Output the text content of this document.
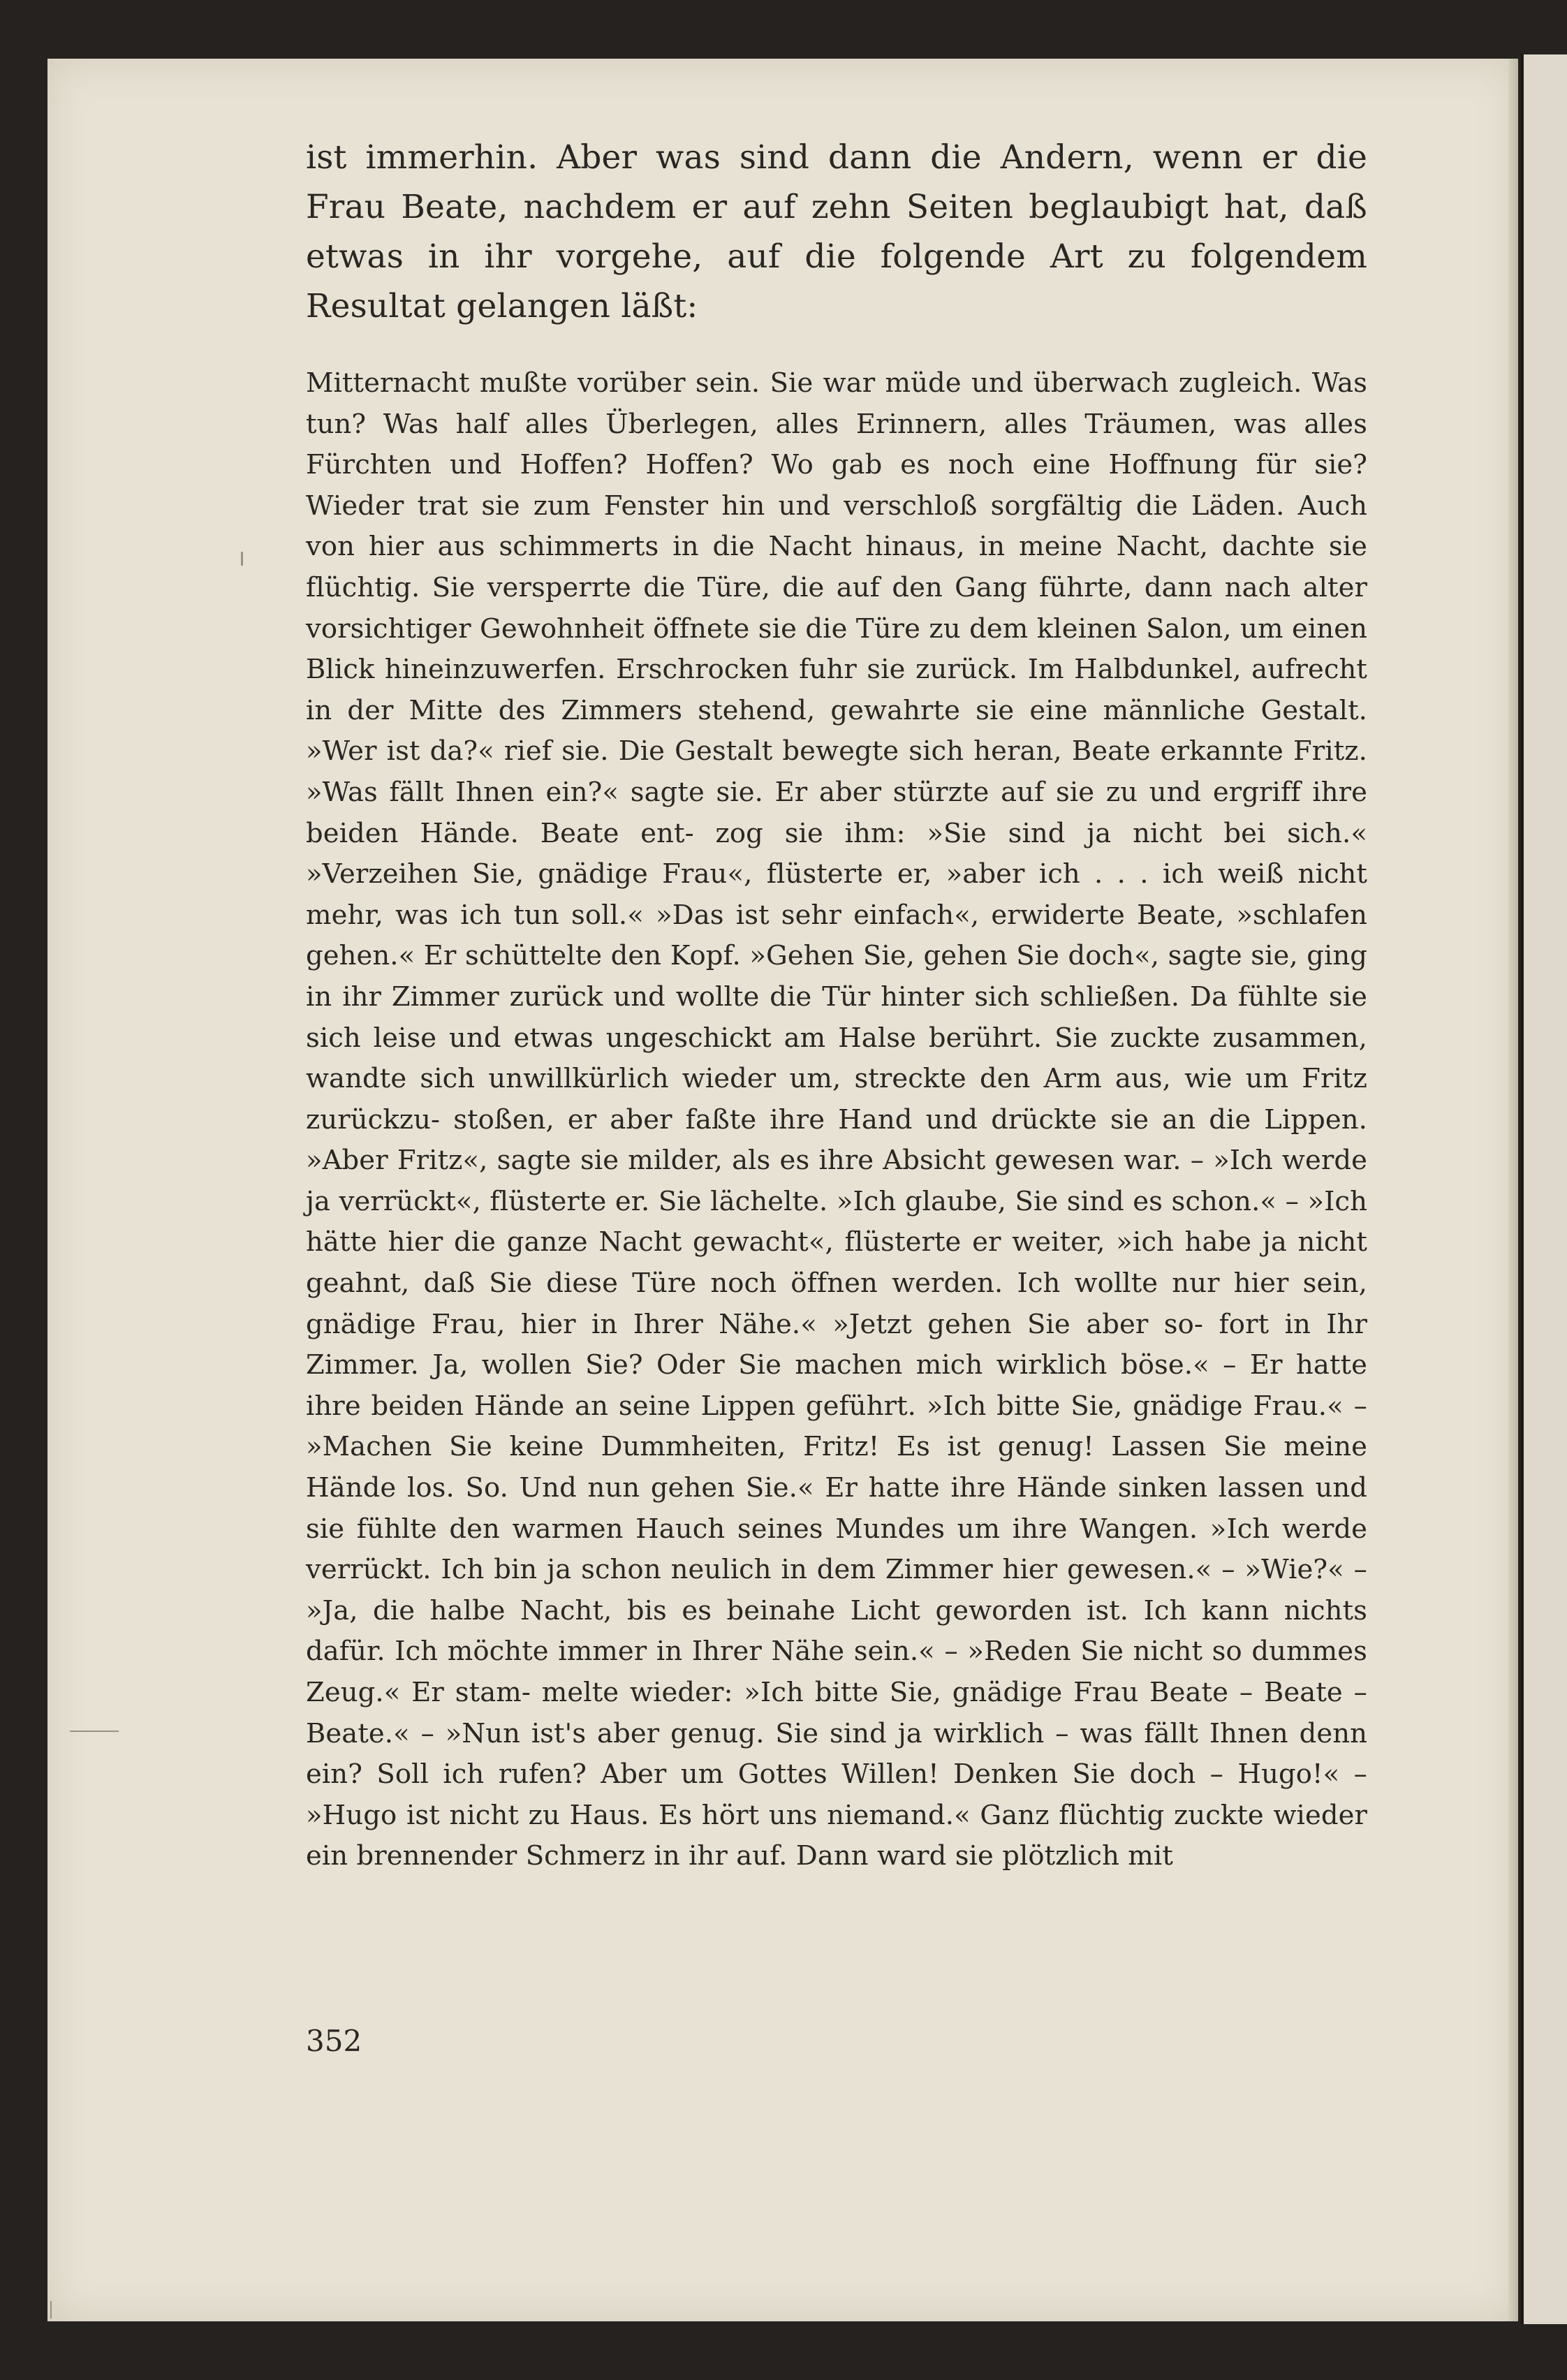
ist immerhin. Aber was sind dann die Andern, wenn er die Frau Beate, nachdem er auf zehn Seiten beglaubigt hat, daß etwas in ihr vorgehe, auf die folgende Art zu folgendem Resultat gelangen läßt:

Mitternacht mußte vorüber sein. Sie war müde und überwach zugleich. Was tun? Was half alles Überlegen, alles Erinnern, alles Träumen, was alles Fürchten und Hoffen? Hoffen? Wo gab es noch eine Hoffnung für sie? Wieder trat sie zum Fenster hin und verschloß sorgfältig die Läden. Auch von hier aus schimmerts in die Nacht hinaus, in meine Nacht, dachte sie flüchtig. Sie versperrte die Türe, die auf den Gang führte, dann nach alter vorsichtiger Gewohnheit öffnete sie die Türe zu dem kleinen Salon, um einen Blick hineinzuwerfen. Erschrocken fuhr sie zurück. Im Halbdunkel, aufrecht in der Mitte des Zimmers stehend, gewahrte sie eine männliche Gestalt. »Wer ist da?« rief sie. Die Gestalt bewegte sich heran, Beate erkannte Fritz. »Was fällt Ihnen ein?« sagte sie. Er aber stürzte auf sie zu und ergriff ihre beiden Hände. Beate ent- zog sie ihm: »Sie sind ja nicht bei sich.« »Verzeihen Sie, gnädige Frau«, flüsterte er, »aber ich . . . ich weiß nicht mehr, was ich tun soll.« »Das ist sehr einfach«, erwiderte Beate, »schlafen gehen.« Er schüttelte den Kopf. »Gehen Sie, gehen Sie doch«, sagte sie, ging in ihr Zimmer zurück und wollte die Tür hinter sich schließen. Da fühlte sie sich leise und etwas ungeschickt am Halse berührt. Sie zuckte zusammen, wandte sich unwillkürlich wieder um, streckte den Arm aus, wie um Fritz zurückzu- stoßen, er aber faßte ihre Hand und drückte sie an die Lippen. »Aber Fritz«, sagte sie milder, als es ihre Absicht gewesen war. – »Ich werde ja verrückt«, flüsterte er. Sie lächelte. »Ich glaube, Sie sind es schon.« – »Ich hätte hier die ganze Nacht gewacht«, flüsterte er weiter, »ich habe ja nicht geahnt, daß Sie diese Türe noch öffnen werden. Ich wollte nur hier sein, gnädige Frau, hier in Ihrer Nähe.« »Jetzt gehen Sie aber so- fort in Ihr Zimmer. Ja, wollen Sie? Oder Sie machen mich wirklich böse.« – Er hatte ihre beiden Hände an seine Lippen geführt. »Ich bitte Sie, gnädige Frau.« – »Machen Sie keine Dummheiten, Fritz! Es ist genug! Lassen Sie meine Hände los. So. Und nun gehen Sie.« Er hatte ihre Hände sinken lassen und sie fühlte den warmen Hauch seines Mundes um ihre Wangen. »Ich werde verrückt. Ich bin ja schon neulich in dem Zimmer hier gewesen.« – »Wie?« – »Ja, die halbe Nacht, bis es beinahe Licht geworden ist. Ich kann nichts dafür. Ich möchte immer in Ihrer Nähe sein.« – »Reden Sie nicht so dummes Zeug.« Er stam- melte wieder: »Ich bitte Sie, gnädige Frau Beate – Beate – Beate.« – »Nun ist's aber genug. Sie sind ja wirklich – was fällt Ihnen denn ein? Soll ich rufen? Aber um Gottes Willen! Denken Sie doch – Hugo!« – »Hugo ist nicht zu Haus. Es hört uns niemand.« Ganz flüchtig zuckte wieder ein brennender Schmerz in ihr auf. Dann ward sie plötzlich mit

352
